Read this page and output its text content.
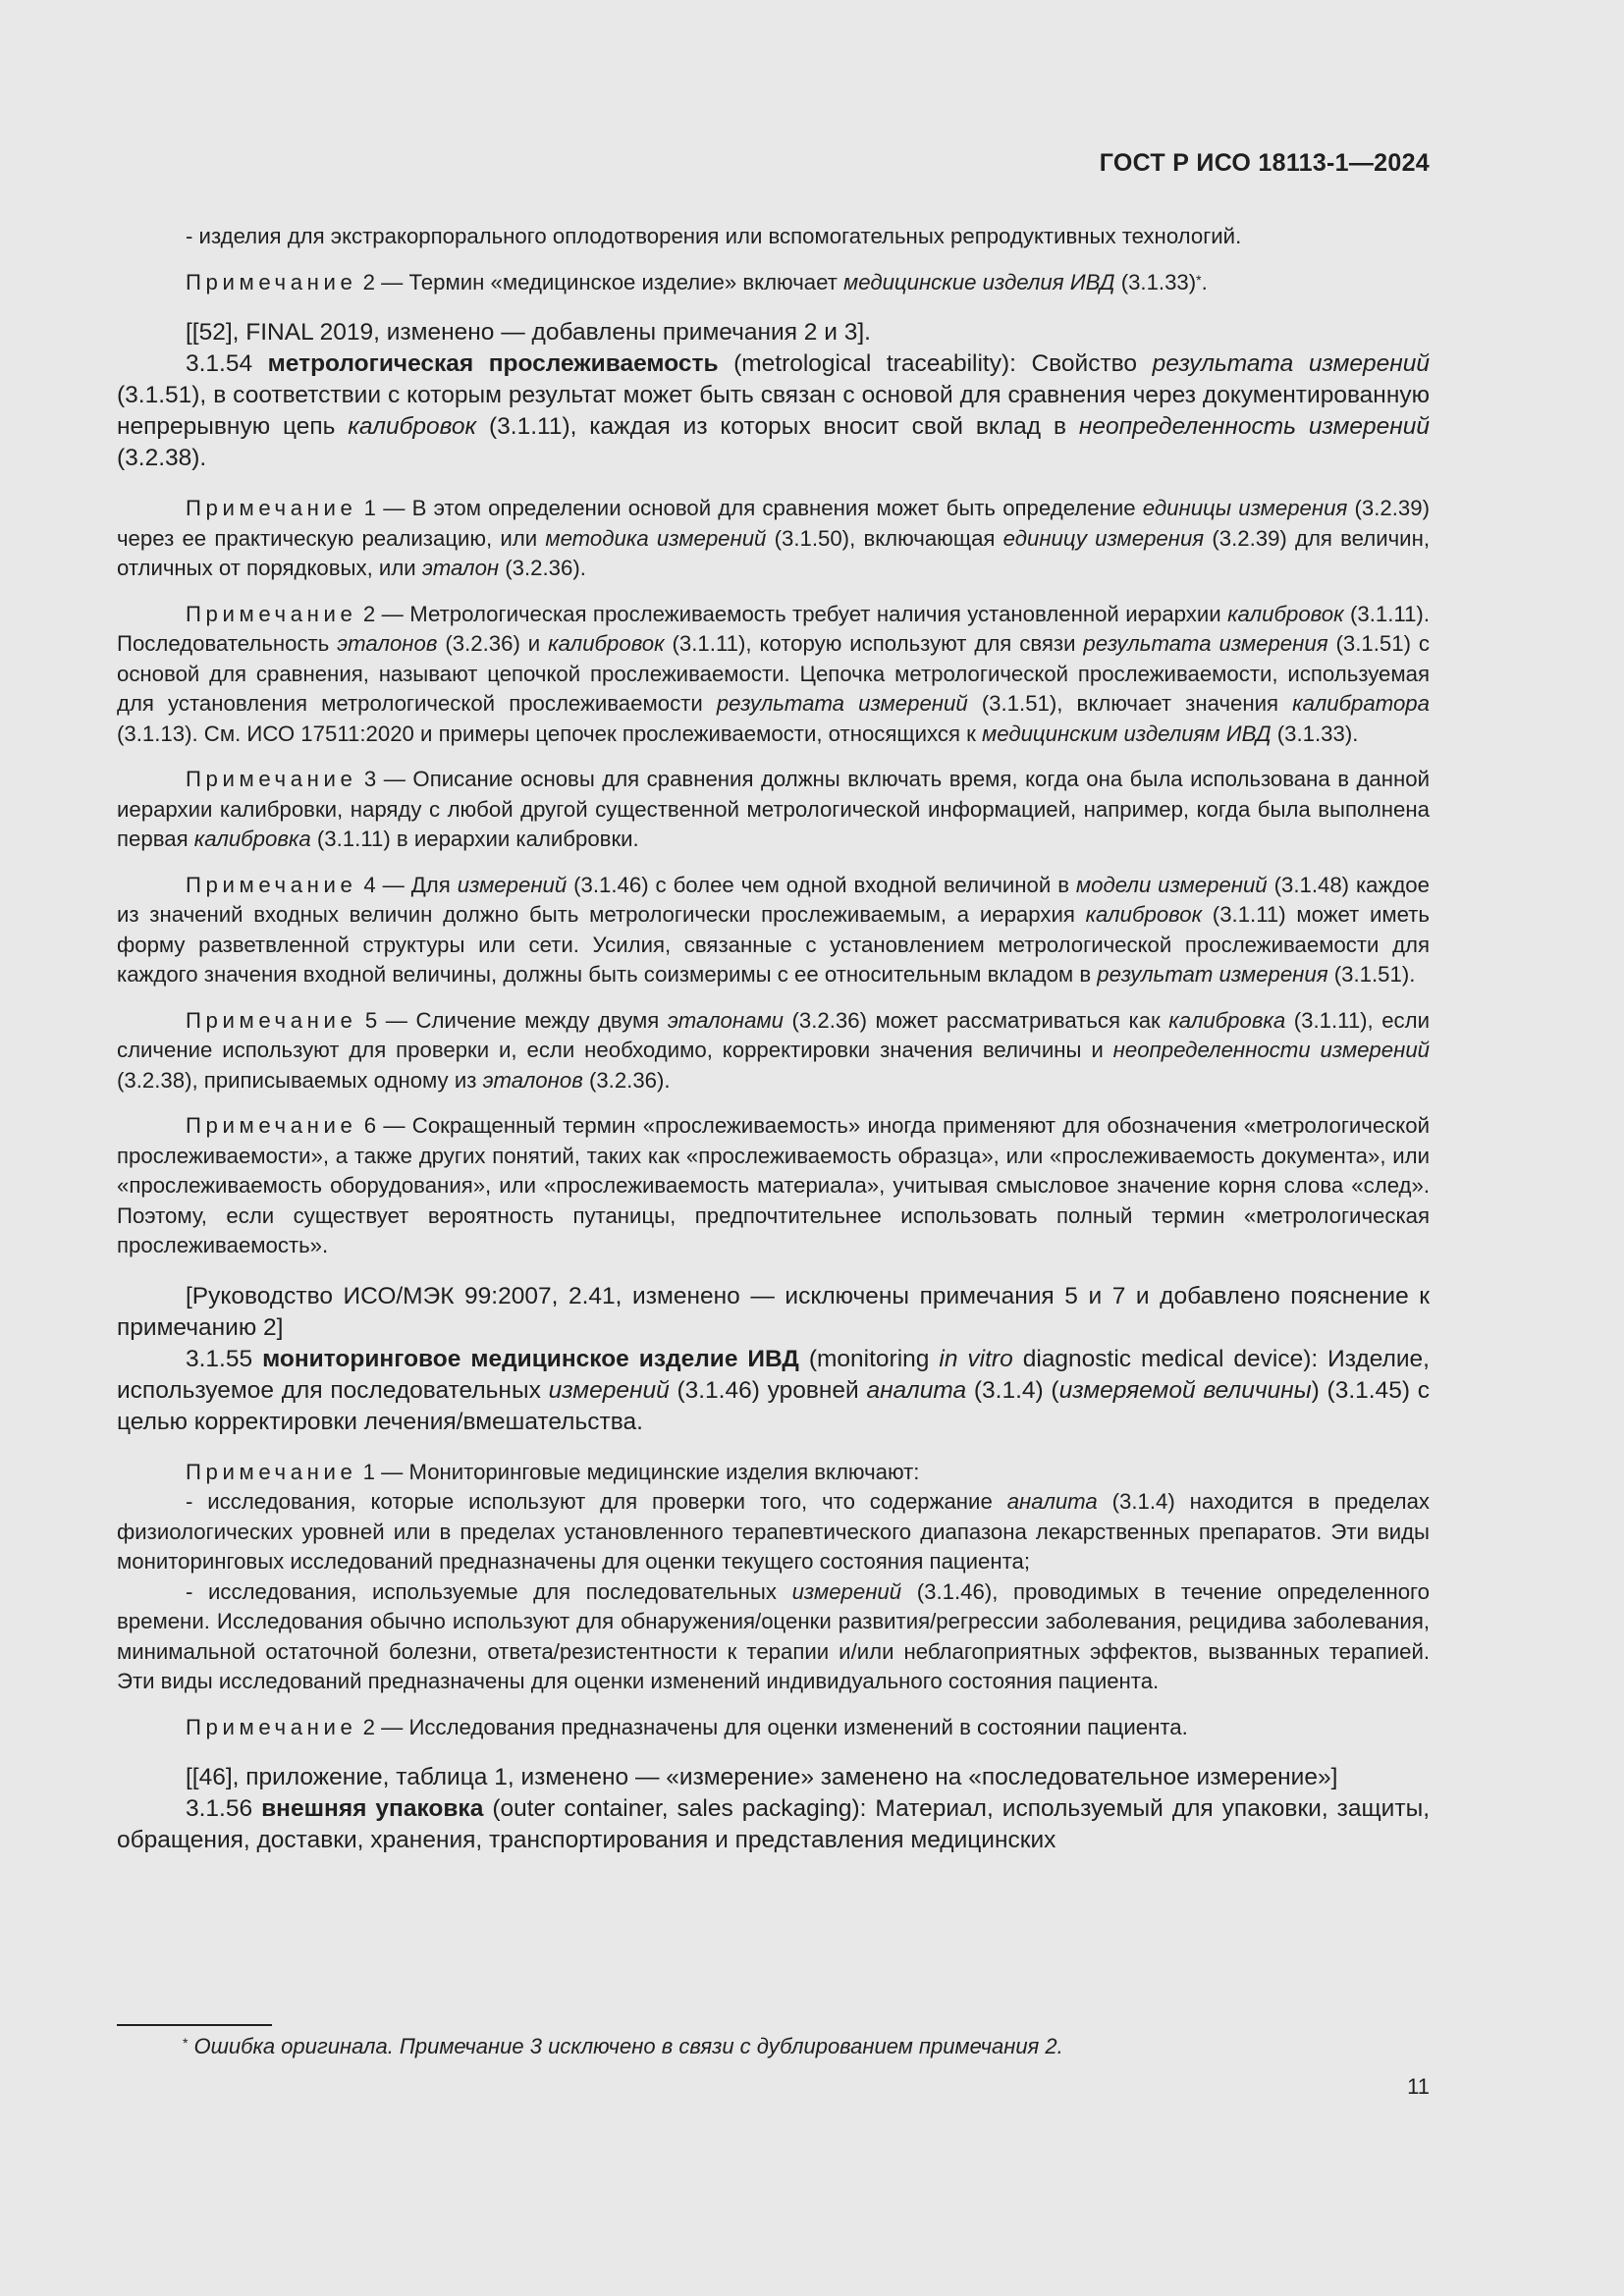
ГОСТ Р ИСО 18113-1—2024

- изделия для экстракорпорального оплодотворения или вспомогательных репродуктивных технологий.

Примечание 2 — Термин «медицинское изделие» включает медицинские изделия ИВД (3.1.33)*.

[[52], FINAL 2019, изменено — добавлены примечания 2 и 3].

3.1.54 метрологическая прослеживаемость (metrological traceability): Свойство результата измерений (3.1.51), в соответствии с которым результат может быть связан с основой для сравнения через документированную непрерывную цепь калибровок (3.1.11), каждая из которых вносит свой вклад в неопределенность измерений (3.2.38).

Примечание 1 — В этом определении основой для сравнения может быть определение единицы измерения (3.2.39) через ее практическую реализацию, или методика измерений (3.1.50), включающая единицу измерения (3.2.39) для величин, отличных от порядковых, или эталон (3.2.36).

Примечание 2 — Метрологическая прослеживаемость требует наличия установленной иерархии калибровок (3.1.11). Последовательность эталонов (3.2.36) и калибровок (3.1.11), которую используют для связи результата измерения (3.1.51) с основой для сравнения, называют цепочкой прослеживаемости. Цепочка метрологической прослеживаемости, используемая для установления метрологической прослеживаемости результата измерений (3.1.51), включает значения калибратора (3.1.13). См. ИСО 17511:2020 и примеры цепочек прослеживаемости, относящихся к медицинским изделиям ИВД (3.1.33).

Примечание 3 — Описание основы для сравнения должны включать время, когда она была использована в данной иерархии калибровки, наряду с любой другой существенной метрологической информацией, например, когда была выполнена первая калибровка (3.1.11) в иерархии калибровки.

Примечание 4 — Для измерений (3.1.46) с более чем одной входной величиной в модели измерений (3.1.48) каждое из значений входных величин должно быть метрологически прослеживаемым, а иерархия калибровок (3.1.11) может иметь форму разветвленной структуры или сети. Усилия, связанные с установлением метрологической прослеживаемости для каждого значения входной величины, должны быть соизмеримы с ее относительным вкладом в результат измерения (3.1.51).

Примечание 5 — Сличение между двумя эталонами (3.2.36) может рассматриваться как калибровка (3.1.11), если сличение используют для проверки и, если необходимо, корректировки значения величины и неопределенности измерений (3.2.38), приписываемых одному из эталонов (3.2.36).

Примечание 6 — Сокращенный термин «прослеживаемость» иногда применяют для обозначения «метрологической прослеживаемости», а также других понятий, таких как «прослеживаемость образца», или «прослеживаемость документа», или «прослеживаемость оборудования», или «прослеживаемость материала», учитывая смысловое значение корня слова «след». Поэтому, если существует вероятность путаницы, предпочтительнее использовать полный термин «метрологическая прослеживаемость».

[Руководство ИСО/МЭК 99:2007, 2.41, изменено — исключены примечания 5 и 7 и добавлено пояснение к примечанию 2]

3.1.55 мониторинговое медицинское изделие ИВД (monitoring in vitro diagnostic medical device): Изделие, используемое для последовательных измерений (3.1.46) уровней аналита (3.1.4) (измеряемой величины) (3.1.45) с целью корректировки лечения/вмешательства.

Примечание 1 — Мониторинговые медицинские изделия включают:

- исследования, которые используют для проверки того, что содержание аналита (3.1.4) находится в пределах физиологических уровней или в пределах установленного терапевтического диапазона лекарственных препаратов. Эти виды мониторинговых исследований предназначены для оценки текущего состояния пациента;

- исследования, используемые для последовательных измерений (3.1.46), проводимых в течение определенного времени. Исследования обычно используют для обнаружения/оценки развития/регрессии заболевания, рецидива заболевания, минимальной остаточной болезни, ответа/резистентности к терапии и/или неблагоприятных эффектов, вызванных терапией. Эти виды исследований предназначены для оценки изменений индивидуального состояния пациента.

Примечание 2 — Исследования предназначены для оценки изменений в состоянии пациента.

[[46], приложение, таблица 1, изменено — «измерение» заменено на «последовательное измерение»]

3.1.56 внешняя упаковка (outer container, sales packaging): Материал, используемый для упаковки, защиты, обращения, доставки, хранения, транспортирования и представления медицинских

* Ошибка оригинала. Примечание 3 исключено в связи с дублированием примечания 2.
11
